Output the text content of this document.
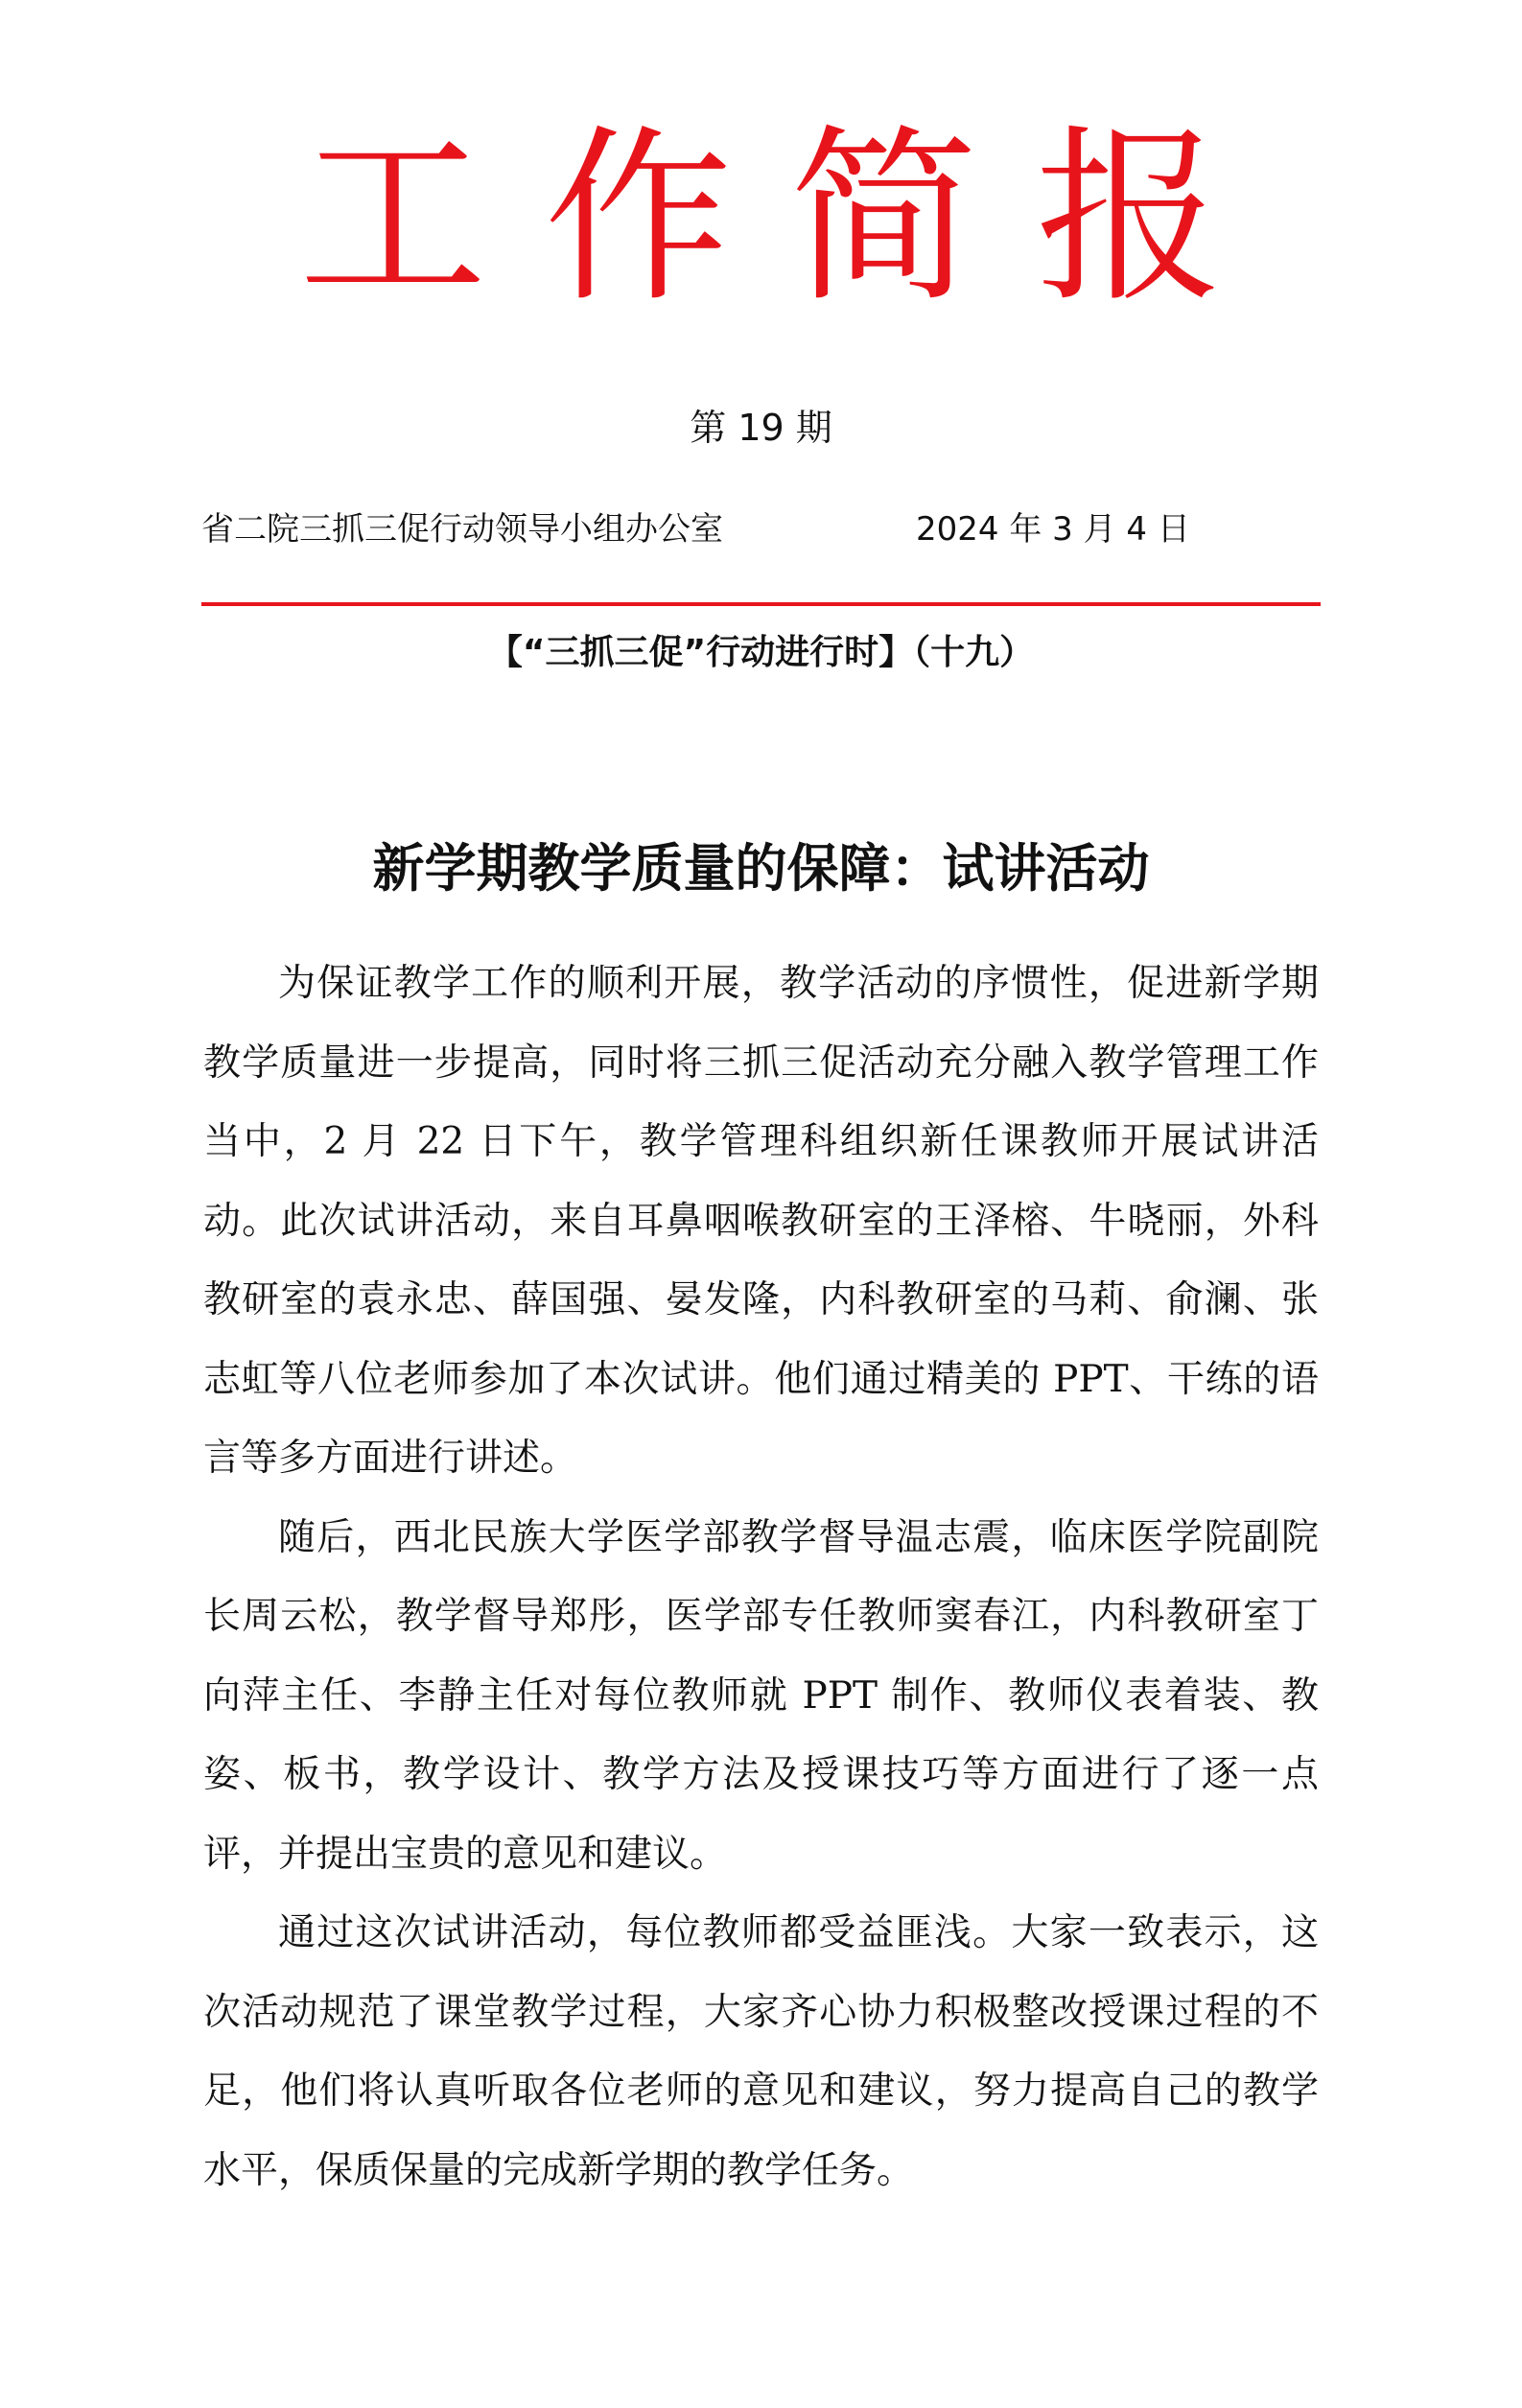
工作简报
第 19 期
省二院三抓三促行动领导小组办公室	2024 年 3 月 4 日
【“三抓三促”行动进行时】（十九）
新学期教学质量的保障：试讲活动

为保证教学工作的顺利开展，教学活动的序惯性，促进新学期教学质量进一步提高，同时将三抓三促活动充分融入教学管理工作当中，2 月 22 日下午，教学管理科组织新任课教师开展试讲活动。此次试讲活动，来自耳鼻咽喉教研室的王泽榕、牛晓丽，外科教研室的袁永忠、薛国强、晏发隆，内科教研室的马莉、俞澜、张志虹等八位老师参加了本次试讲。他们通过精美的 PPT、干练的语言等多方面进行讲述。

随后，西北民族大学医学部教学督导温志震，临床医学院副院长周云松，教学督导郑彤，医学部专任教师窦春江，内科教研室丁向萍主任、李静主任对每位教师就 PPT 制作、教师仪表着装、教姿、板书，教学设计、教学方法及授课技巧等方面进行了逐一点评，并提出宝贵的意见和建议。

通过这次试讲活动，每位教师都受益匪浅。大家一致表示，这次活动规范了课堂教学过程，大家齐心协力积极整改授课过程的不足，他们将认真听取各位老师的意见和建议，努力提高自己的教学水平，保质保量的完成新学期的教学任务。
